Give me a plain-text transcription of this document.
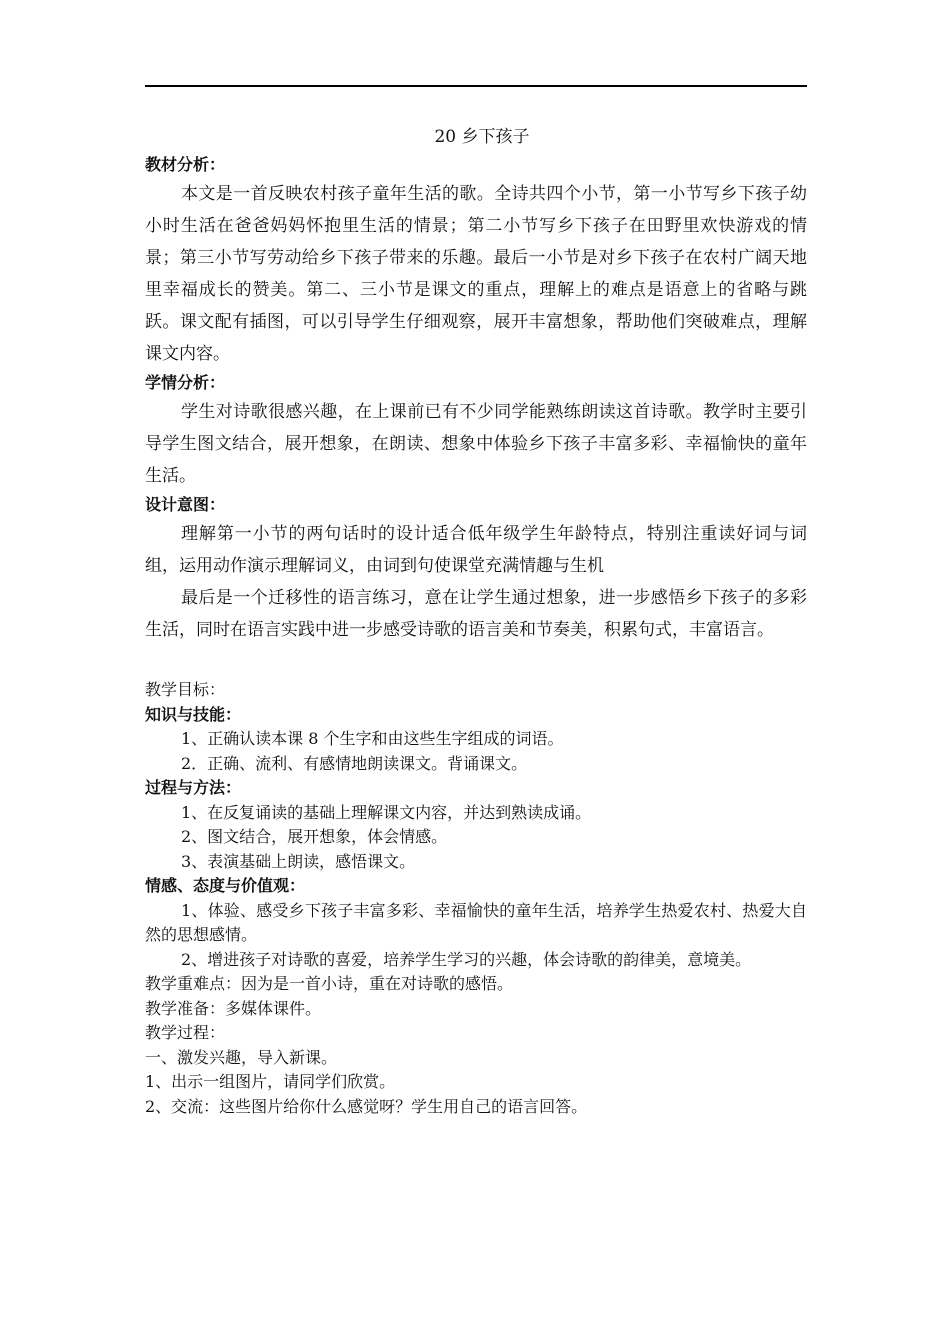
20 乡下孩子
教材分析：

本文是一首反映农村孩子童年生活的歌。全诗共四个小节，第一小节写乡下孩子幼小时生活在爸爸妈妈怀抱里生活的情景；第二小节写乡下孩子在田野里欢快游戏的情景；第三小节写劳动给乡下孩子带来的乐趣。最后一小节是对乡下孩子在农村广阔天地里幸福成长的赞美。第二、三小节是课文的重点，理解上的难点是语意上的省略与跳跃。课文配有插图，可以引导学生仔细观察，展开丰富想象，帮助他们突破难点，理解课文内容。

学情分析：

学生对诗歌很感兴趣，在上课前已有不少同学能熟练朗读这首诗歌。教学时主要引导学生图文结合，展开想象，在朗读、想象中体验乡下孩子丰富多彩、幸福愉快的童年生活。

设计意图：

理解第一小节的两句话时的设计适合低年级学生年龄特点，特别注重读好词与词组，运用动作演示理解词义，由词到句使课堂充满情趣与生机

最后是一个迁移性的语言练习，意在让学生通过想象，进一步感悟乡下孩子的多彩生活，同时在语言实践中进一步感受诗歌的语言美和节奏美，积累句式，丰富语言。

教学目标：

知识与技能：

1、正确认读本课 8 个生字和由这些生字组成的词语。

2．正确、流利、有感情地朗读课文。背诵课文。

过程与方法：

1、在反复诵读的基础上理解课文内容，并达到熟读成诵。

2、图文结合，展开想象，体会情感。

3、表演基础上朗读，感悟课文。

情感、态度与价值观：

1、体验、感受乡下孩子丰富多彩、幸福愉快的童年生活，培养学生热爱农村、热爱大自然的思想感情。

2、增进孩子对诗歌的喜爱，培养学生学习的兴趣，体会诗歌的韵律美，意境美。

教学重难点：因为是一首小诗，重在对诗歌的感悟。

教学准备：多媒体课件。

教学过程：

一、激发兴趣，导入新课。

1、出示一组图片，请同学们欣赏。

2、交流：这些图片给你什么感觉呀？学生用自己的语言回答。
